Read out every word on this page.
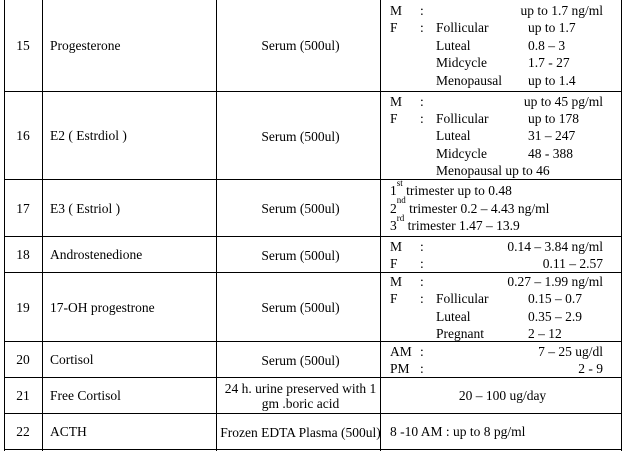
15 Progesterone	Serum (500ul)
M :	up to 1.7 ng/ml
F : Follicular	up to 1.7
Luteal	0.8 – 3
Midcycle	1.7 - 27
Menopausal up to 1.4
16 E2 ( Estrdiol )	Serum (500ul)
M :	up to 45 pg/ml
F : Follicular	up to 178
Luteal	31 – 247
Midcycle	48 - 388
Menopausal up to 46
17 E3 ( Estriol )	Serum (500ul)
1st trimester up to 0.48
2nd trimester 0.2 – 4.43 ng/ml
3rd trimester 1.47 – 13.9
18 Androstenedione	Serum (500ul)
M :	0.14 – 3.84 ng/ml
F :	0.11 – 2.57
19 17-OH progestrone	Serum (500ul)
M :	0.27 – 1.99 ng/ml
F : Follicular	0.15 – 0.7
Luteal	0.35 – 2.9
Pregnant	2 – 12
20 Cortisol	Serum (500ul)
AM :	7 – 25 ug/dl
PM :	2 - 9
21 Free Cortisol	24 h. urine preserved with 1 gm .boric acid
20 – 100 ug/day
22 ACTH	Frozen EDTA Plasma (500ul) 8 -10 AM : up to 8 pg/ml
